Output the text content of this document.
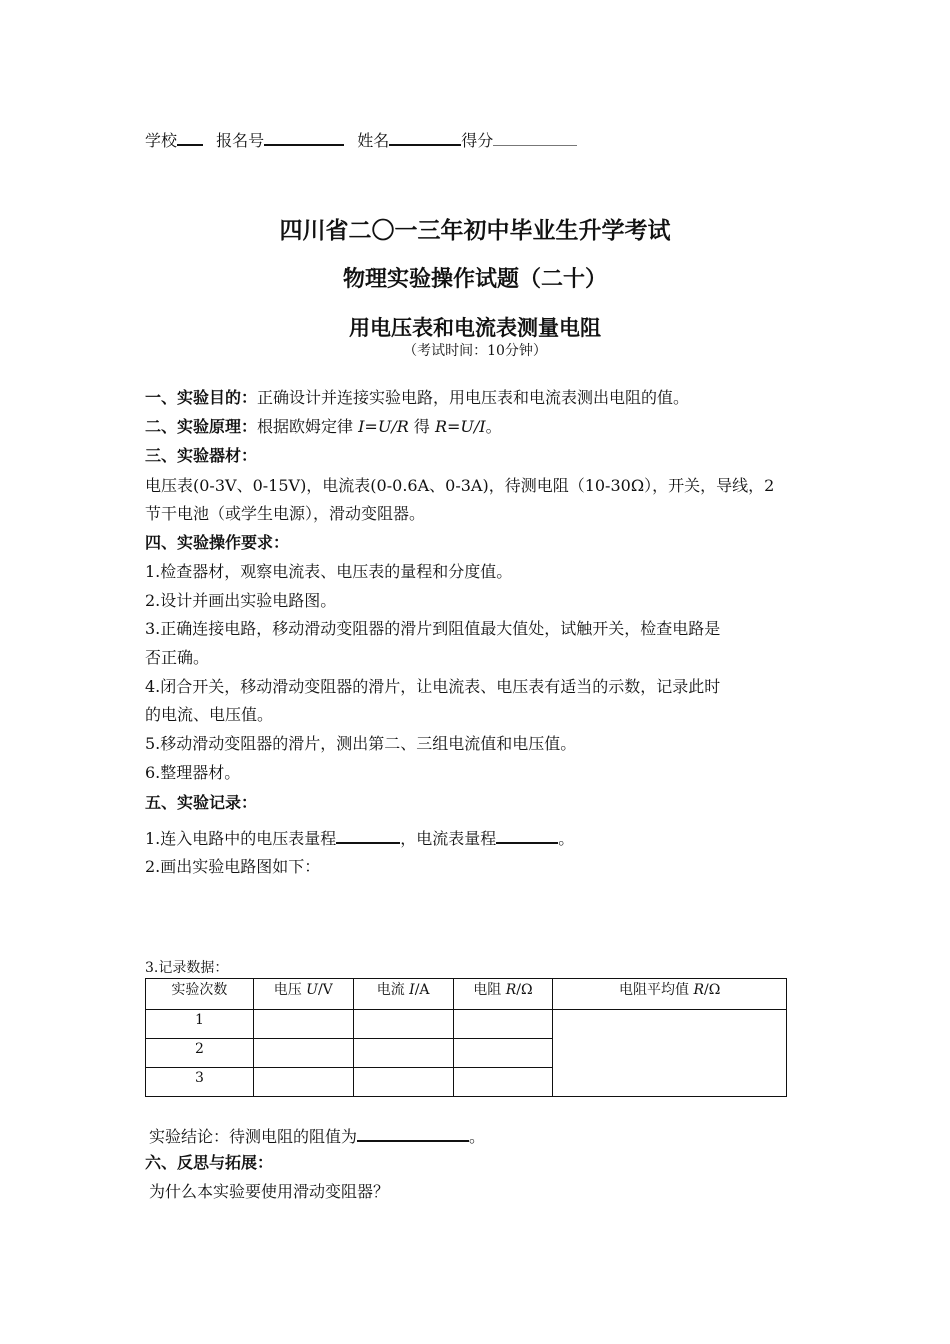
学校 报名号	姓名	得分
四川省二〇一三年初中毕业生升学考试
物理实验操作试题（二十）
用电压表和电流表测量电阻
（考试时间：10分钟）
一、实验目的：正确设计并连接实验电路，用电压表和电流表测出电阻的值。
二、实验原理：根据欧姆定律 I=U/R 得 R=U/I。
三、实验器材：
电压表(0-3V、0-15V)，电流表(0-0.6A、0-3A)，待测电阻（10-30Ω），开关，导线，2
节干电池（或学生电源），滑动变阻器。
四、实验操作要求：
1.检查器材，观察电流表、电压表的量程和分度值。
2.设计并画出实验电路图。
3.正确连接电路，移动滑动变阻器的滑片到阻值最大值处，试触开关，检查电路是
否正确。
4.闭合开关，移动滑动变阻器的滑片，让电流表、电压表有适当的示数，记录此时
的电流、电压值。
5.移动滑动变阻器的滑片，测出第二、三组电流值和电压值。
6.整理器材。
五、实验记录：
1.连入电路中的电压表量程	，电流表量程	。
2.画出实验电路图如下：
3.记录数据：
实验次数	电压 U/V	电流 I/A	电阻 R/Ω	电阻平均值 R/Ω
1				
2				
3				
实验结论：待测电阻的阻值为	。
六、反思与拓展：
为什么本实验要使用滑动变阻器？
